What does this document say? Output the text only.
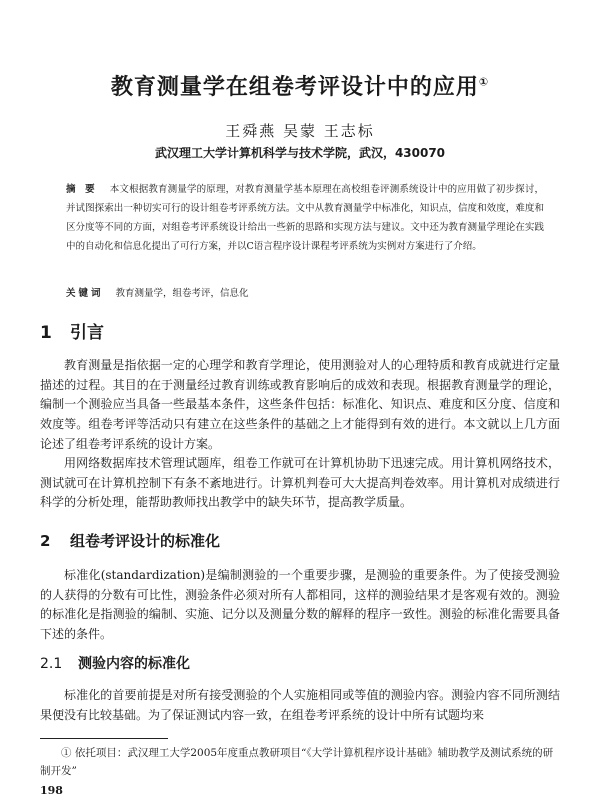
教育测量学在组卷考评设计中的应用①
王舜燕 吴蒙 王志标
武汉理工大学计算机科学与技术学院，武汉，430070
摘 要 本文根据教育测量学的原理，对教育测量学基本原理在高校组卷评测系统设计中的应用做了初步探讨，并试图探索出一种切实可行的设计组卷考评系统方法。文中从教育测量学中标准化，知识点，信度和效度，难度和区分度等不同的方面，对组卷考评系统设计给出一些新的思路和实现方法与建议。文中还为教育测量学理论在实践中的自动化和信息化提出了可行方案，并以C语言程序设计课程考评系统为实例对方案进行了介绍。
关键词 教育测量学，组卷考评，信息化
1 引言
教育测量是指依据一定的心理学和教育学理论，使用测验对人的心理特质和教育成就进行定量描述的过程。其目的在于测量经过教育训练或教育影响后的成效和表现。根据教育测量学的理论，编制一个测验应当具备一些最基本条件，这些条件包括：标准化、知识点、难度和区分度、信度和效度等。组卷考评等活动只有建立在这些条件的基础之上才能得到有效的进行。本文就以上几方面论述了组卷考评系统的设计方案。
用网络数据库技术管理试题库，组卷工作就可在计算机协助下迅速完成。用计算机网络技术，测试就可在计算机控制下有条不紊地进行。计算机判卷可大大提高判卷效率。用计算机对成绩进行科学的分析处理，能帮助教师找出教学中的缺失环节，提高教学质量。
2 组卷考评设计的标准化
标准化(standardization)是编制测验的一个重要步骤，是测验的重要条件。为了使接受测验的人获得的分数有可比性，测验条件必须对所有人都相同，这样的测验结果才是客观有效的。测验的标准化是指测验的编制、实施、记分以及测量分数的解释的程序一致性。测验的标准化需要具备下述的条件。
2.1 测验内容的标准化
标准化的首要前提是对所有接受测验的个人实施相同或等值的测验内容。测验内容不同所测结果便没有比较基础。为了保证测试内容一致，在组卷考评系统的设计中所有试题均来
① 依托项目：武汉理工大学2005年度重点教研项目“《大学计算机程序设计基础》辅助教学及测试系统的研制开发”
198
